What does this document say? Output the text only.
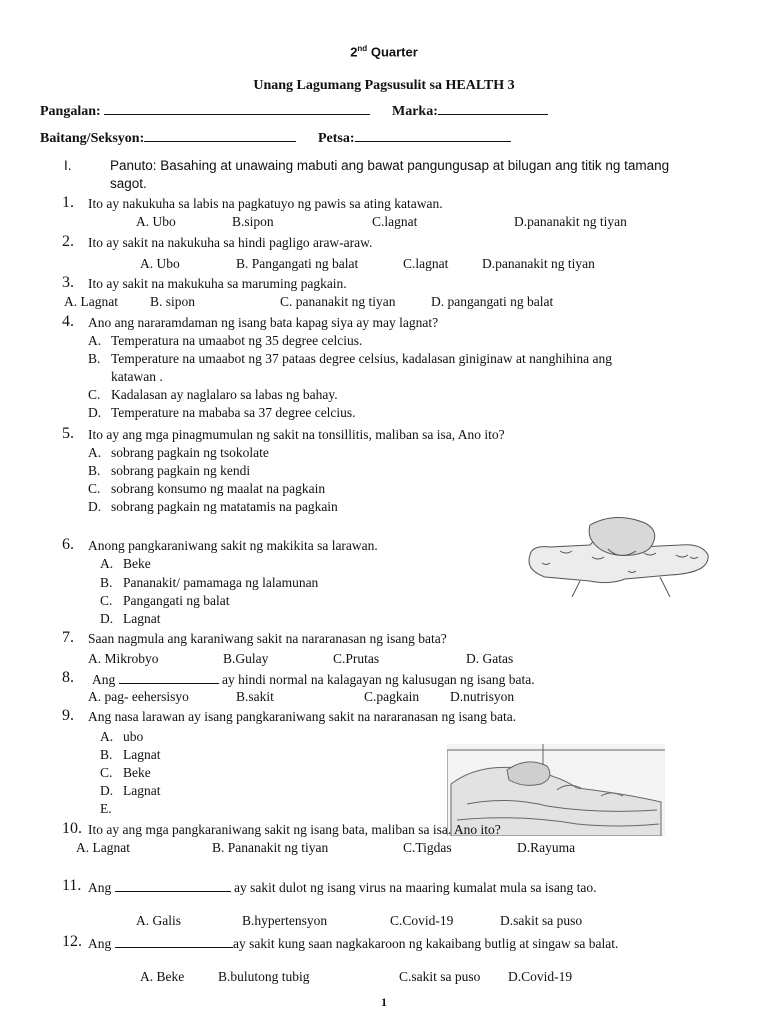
2nd Quarter
Unang Lagumang Pagsusulit sa HEALTH 3
Pangalan:	Marka:
Baitang/Seksyon:	Petsa:
I.	Panuto: Basahing at unawaing mabuti ang bawat pangungusap at bilugan ang titik ng tamang
sagot.
1. Ito ay nakukuha sa labis na pagkatuyo ng pawis sa ating katawan.
A. Ubo	B.sipon	C.lagnat	D.pananakit ng tiyan
2. Ito ay sakit na nakukuha sa hindi pagligo araw-araw.
A. Ubo	B. Pangangati ng balat	C.lagnat D.pananakit ng tiyan
3. Ito ay sakit na makukuha sa maruming pagkain.
A. Lagnat B. sipon	C. pananakit ng tiyan	D. pangangati ng balat
4. Ano ang nararamdaman ng isang bata kapag siya ay may lagnat?
A. Temperatura na umaabot ng 35 degree celcius.
B. Temperature na umaabot ng 37 pataas degree celsius, kadalasan giniginaw at nanghihina ang
katawan .
C. Kadalasan ay naglalaro sa labas ng bahay.
D. Temperature na mababa sa 37 degree celcius.
5. Ito ay ang mga pinagmumulan ng sakit na tonsillitis, maliban sa isa, Ano ito?
A. sobrang pagkain ng tsokolate
B. sobrang pagkain ng kendi
C. sobrang konsumo ng maalat na pagkain
D. sobrang pagkain ng matatamis na pagkain
6. Anong pangkaraniwang sakit ng makikita sa larawan.
A. Beke
B. Pananakit/ pamamaga ng lalamunan
C. Pangangati ng balat
D. Lagnat
7. Saan nagmula ang karaniwang sakit na nararanasan ng isang bata?
A. Mikrobyo	B.Gulay	C.Prutas	D. Gatas
8. Ang	ay hindi normal na kalagayan ng kalusugan ng isang bata.
A. pag- eehersisyo	B.sakit	C.pagkain D.nutrisyon
9. Ang nasa larawan ay isang pangkaraniwang sakit na nararanasan ng isang bata.
A. ubo
B. Lagnat
C. Beke
D. Lagnat
E.
10. Ito ay ang mga pangkaraniwang sakit ng isang bata, maliban sa isa. Ano ito?
A. Lagnat	B. Pananakit ng tiyan	C.Tigdas	D.Rayuma
11. Ang	ay sakit dulot ng isang virus na maaring kumalat mula sa isang tao.
A. Galis	B.hypertensyon	C.Covid-19	D.sakit sa puso
12. Ang	ay sakit kung saan nagkakaroon ng kakaibang butlig at singaw sa balat.
A. Beke	B.bulutong tubig	C.sakit sa puso D.Covid-19
1
